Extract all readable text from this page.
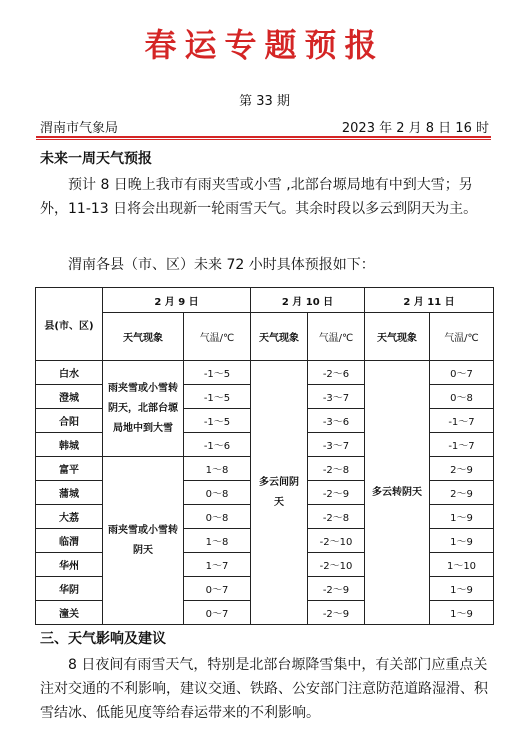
春运专题预报
第 33 期
渭南市气象局	2023 年 2 月 8 日 16 时
未来一周天气预报
预计 8 日晚上我市有雨夹雪或小雪 ,北部台塬局地有中到大雪；另外，11-13 日将会出现新一轮雨雪天气。其余时段以多云到阴天为主。
渭南各县（市、区）未来 72 小时具体预报如下：
县(市、区)	2 月 9 日		2 月 10 日		2 月 11 日	
	天气现象	气温/℃	天气现象	气温/℃	天气现象	气温/℃
白水	雨夹雪或小雪转阴天，北部台塬局地中到大雪	-1～5	多云间阴天	-2～6	多云转阴天	0～7
澄城		-1～5		-3～7		0～8
合阳		-1～5		-3～6		-1～7
韩城		-1～6		-3～7		-1～7
富平	雨夹雪或小雪转阴天	1～8		-2～8		2～9
蒲城		0～8		-2～9		2～9
大荔		0～8		-2～8		1～9
临渭		1～8		-2～10		1～9
华州		1～7		-2～10		1～10
华阴		0～7		-2～9		1～9
潼关		0～7		-2～9		1～9
三、天气影响及建议
8 日夜间有雨雪天气，特别是北部台塬降雪集中，有关部门应重点关注对交通的不利影响，建议交通、铁路、公安部门注意防范道路湿滑、积雪结冰、低能见度等给春运带来的不利影响。
